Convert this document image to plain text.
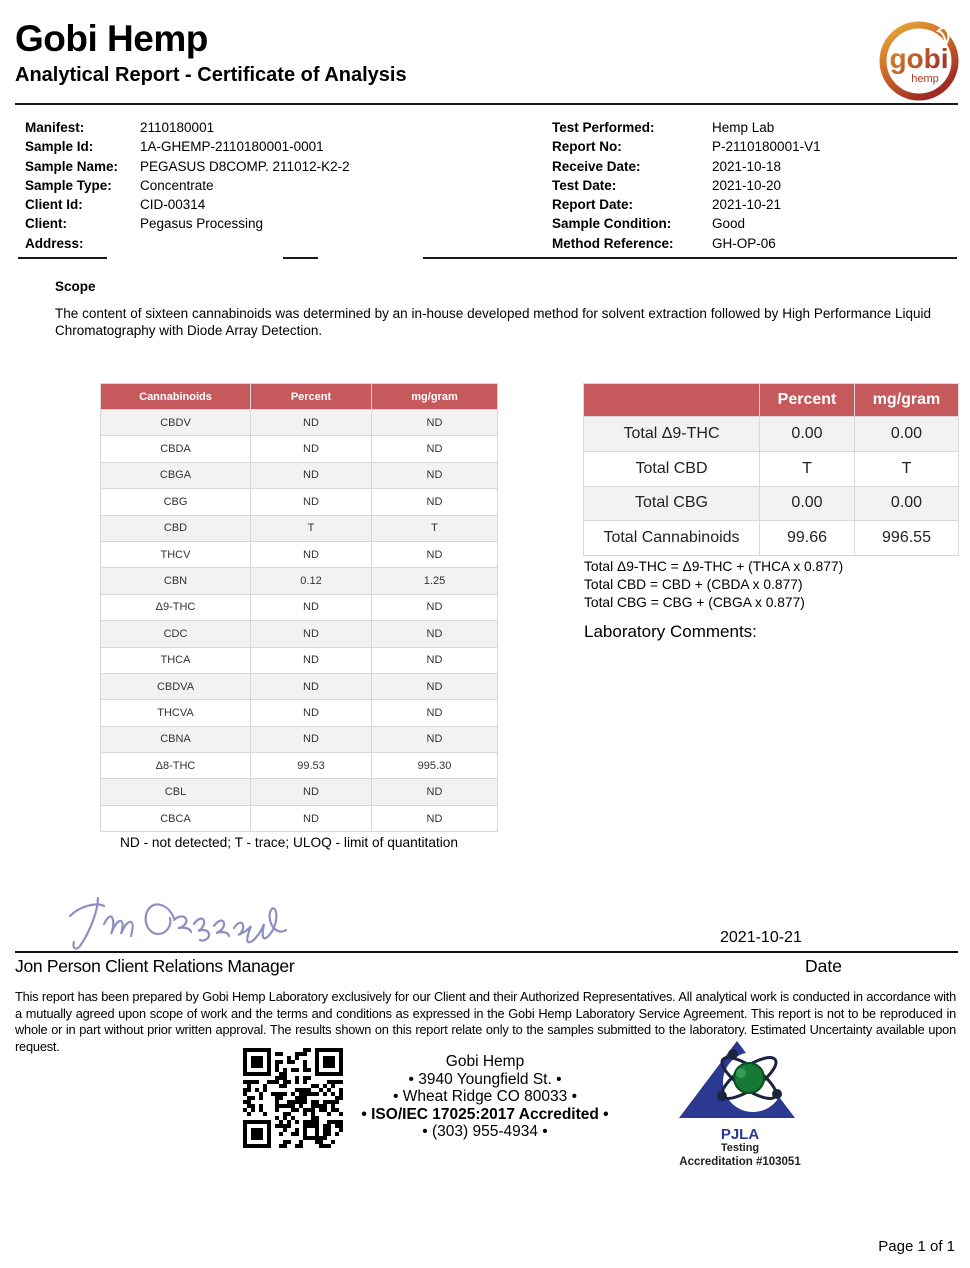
Gobi Hemp
Analytical Report - Certificate of Analysis
gobi
hemp
Manifest:	2110180001
Sample Id:	1A-GHEMP-2110180001-0001
Sample Name:	PEGASUS D8COMP. 211012-K2-2
Sample Type:	Concentrate
Client Id:	CID-00314
Client:	Pegasus Processing
Address:
Test Performed:	Hemp Lab
Report No:	P-2110180001-V1
Receive Date:	2021-10-18
Test Date:	2021-10-20
Report Date:	2021-10-21
Sample Condition:	Good
Method Reference:	GH-OP-06
Scope
The content of sixteen cannabinoids was determined by an in-house developed method for solvent extraction followed by High Performance Liquid Chromatography with Diode Array Detection.
Cannabinoids	Percent	mg/gram
CBDV	ND	ND
CBDA	ND	ND
CBGA	ND	ND
CBG	ND	ND
CBD	T	T
THCV	ND	ND
CBN	0.12	1.25
Δ9-THC	ND	ND
CDC	ND	ND
THCA	ND	ND
CBDVA	ND	ND
THCVA	ND	ND
CBNA	ND	ND
Δ8-THC	99.53	995.30
CBL	ND	ND
CBCA	ND	ND
ND - not detected; T - trace; ULOQ - limit of quantitation
	Percent	mg/gram
Total Δ9-THC	0.00	0.00
Total CBD	T	T
Total CBG	0.00	0.00
Total Cannabinoids	99.66	996.55
Total Δ9-THC = Δ9-THC + (THCA x 0.877)
Total CBD = CBD + (CBDA x 0.877)
Total CBG = CBG + (CBGA x 0.877)
Laboratory Comments:
2021-10-21
Jon Person Client Relations Manager	Date
This report has been prepared by Gobi Hemp Laboratory exclusively for our Client and their Authorized Representatives. All analytical work is conducted in accordance with a mutually agreed upon scope of work and the terms and conditions as expressed in the Gobi Hemp Laboratory Service Agreement. This report is not to be reproduced in whole or in part without prior written approval. The results shown on this report relate only to the samples submitted to the laboratory. Estimated Uncertainty available upon request.
Gobi Hemp
• 3940 Youngfield St. •
• Wheat Ridge CO 80033 •
• ISO/IEC 17025:2017 Accredited •
• (303) 955-4934 •	PJLA
Testing
Accreditation #103051
Page 1 of 1
